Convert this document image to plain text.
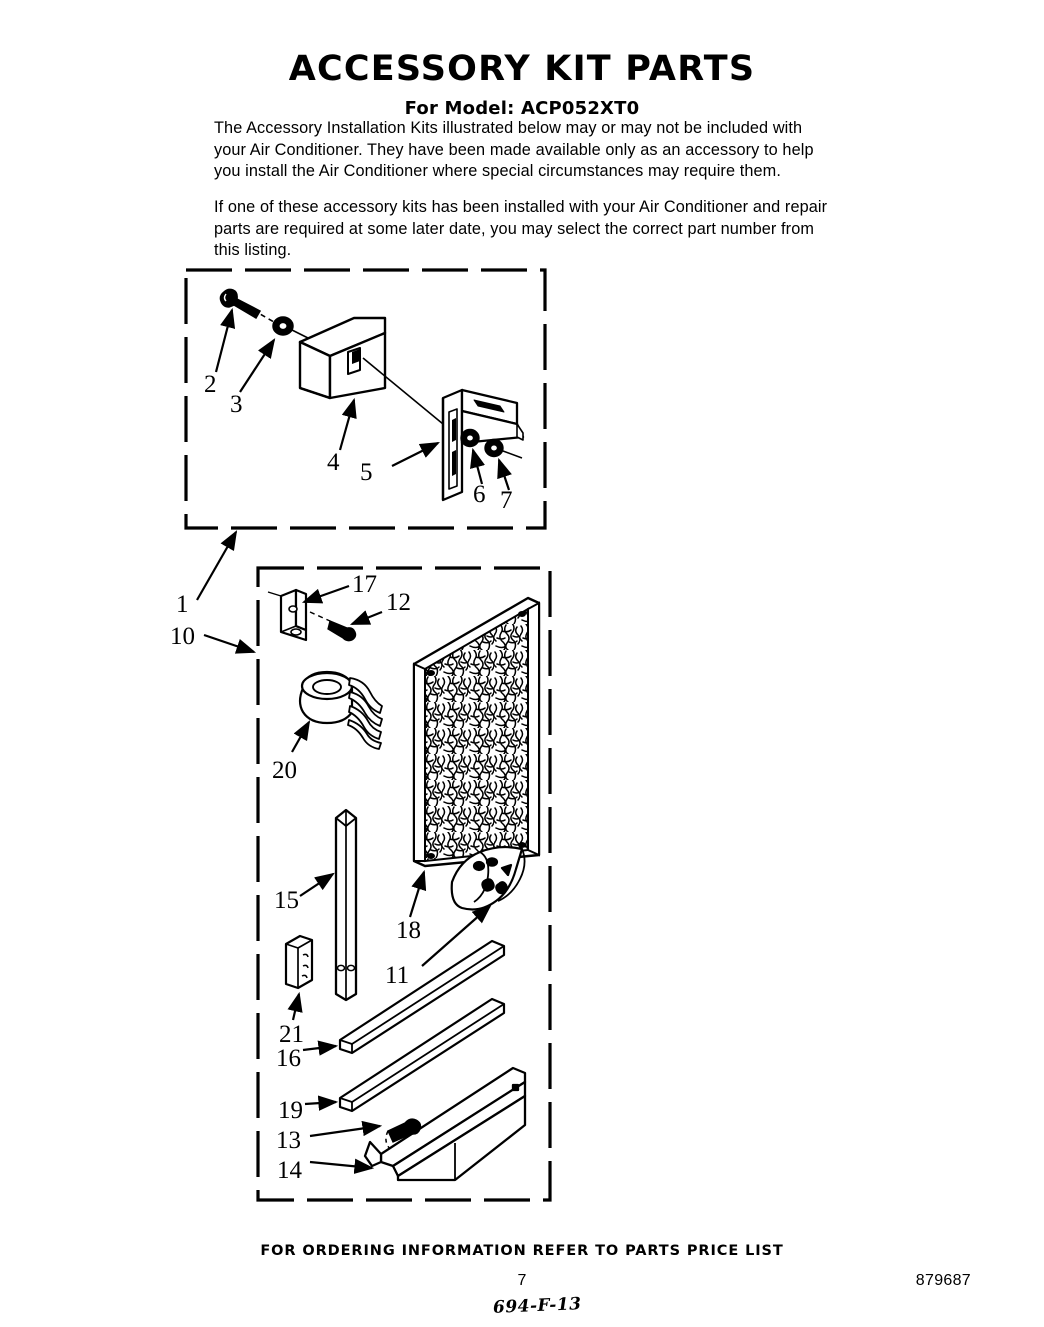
ACCESSORY KIT PARTS
For Model: ACP052XT0
The Accessory Installation Kits illustrated below may or may not be included with your Air Conditioner. They have been made available only as an accessory to help you install the Air Conditioner where special circumstances may require them.
If one of these accessory kits has been installed with your Air Conditioner and repair parts are required at some later date, you may select the correct part number from this listing.
1
2
3
4 5
6 7
10
17
12
20
18
15
11
21
16
19
14
13
FOR ORDERING INFORMATION REFER TO PARTS PRICE LIST
7
694-F-13
879687
